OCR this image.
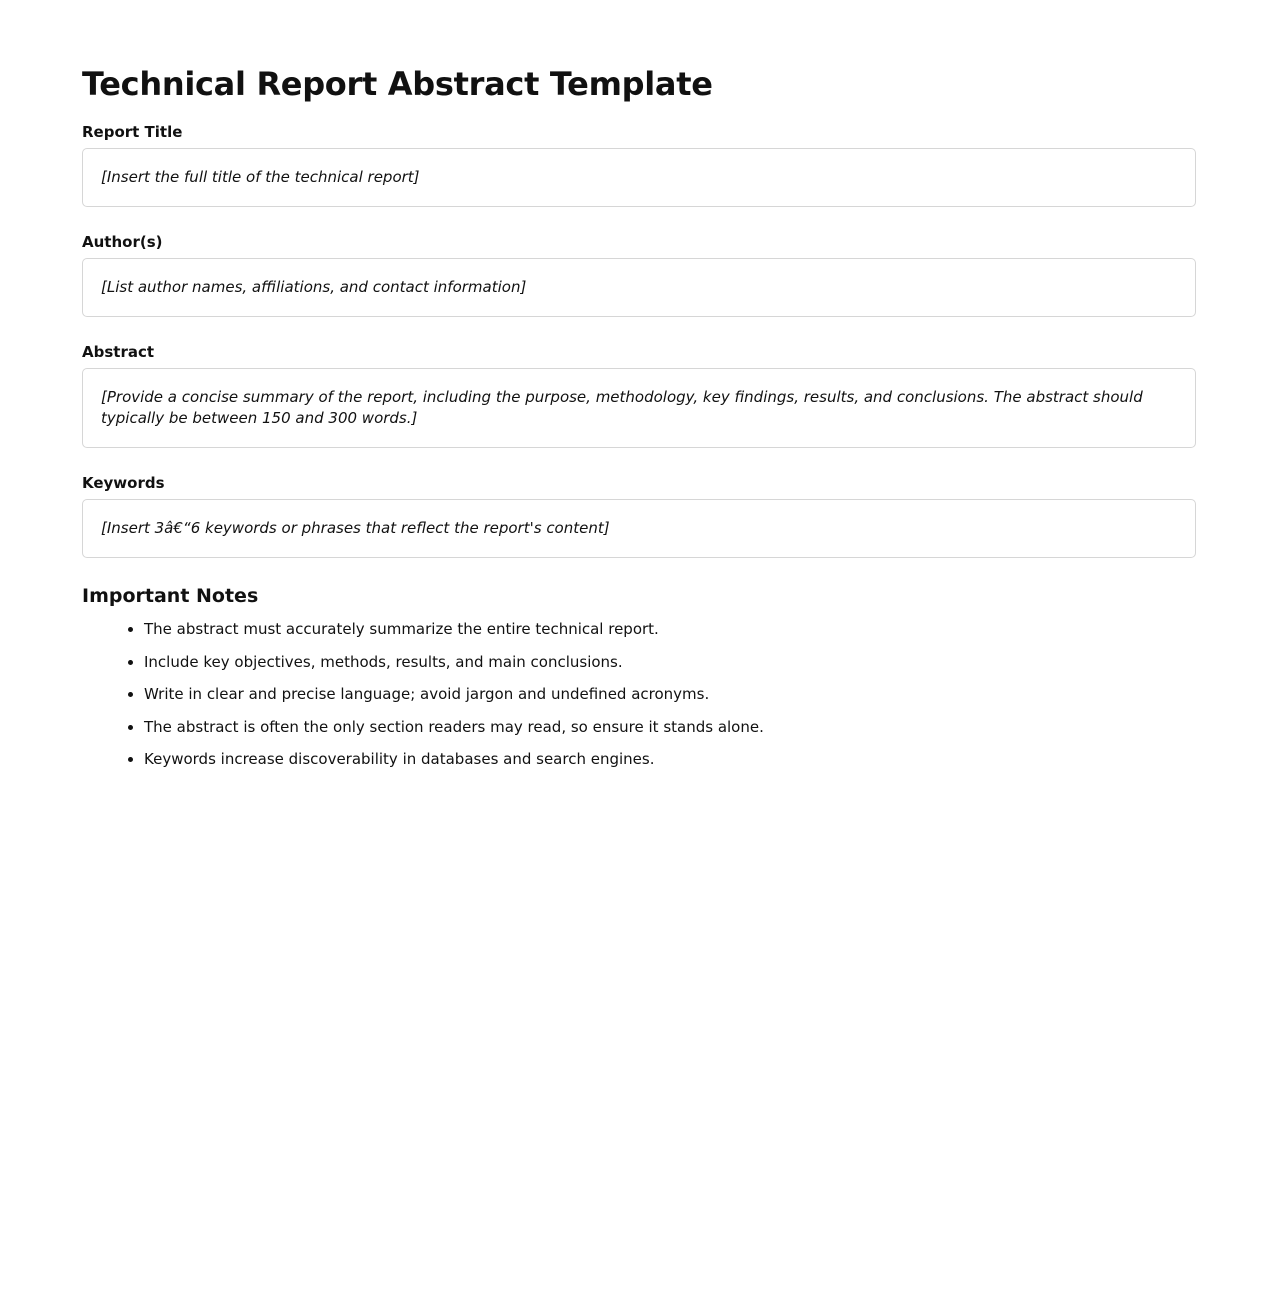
Technical Report Abstract Template
Report Title
[Insert the full title of the technical report]
Author(s)
[List author names, affiliations, and contact information]
Abstract
[Provide a concise summary of the report, including the purpose, methodology, key findings, results, and conclusions. The abstract should typically be between 150 and 300 words.]
Keywords
[Insert 3â€“6 keywords or phrases that reflect the report's content]
Important Notes
• The abstract must accurately summarize the entire technical report.
• Include key objectives, methods, results, and main conclusions.
• Write in clear and precise language; avoid jargon and undefined acronyms.
• The abstract is often the only section readers may read, so ensure it stands alone.
• Keywords increase discoverability in databases and search engines.
